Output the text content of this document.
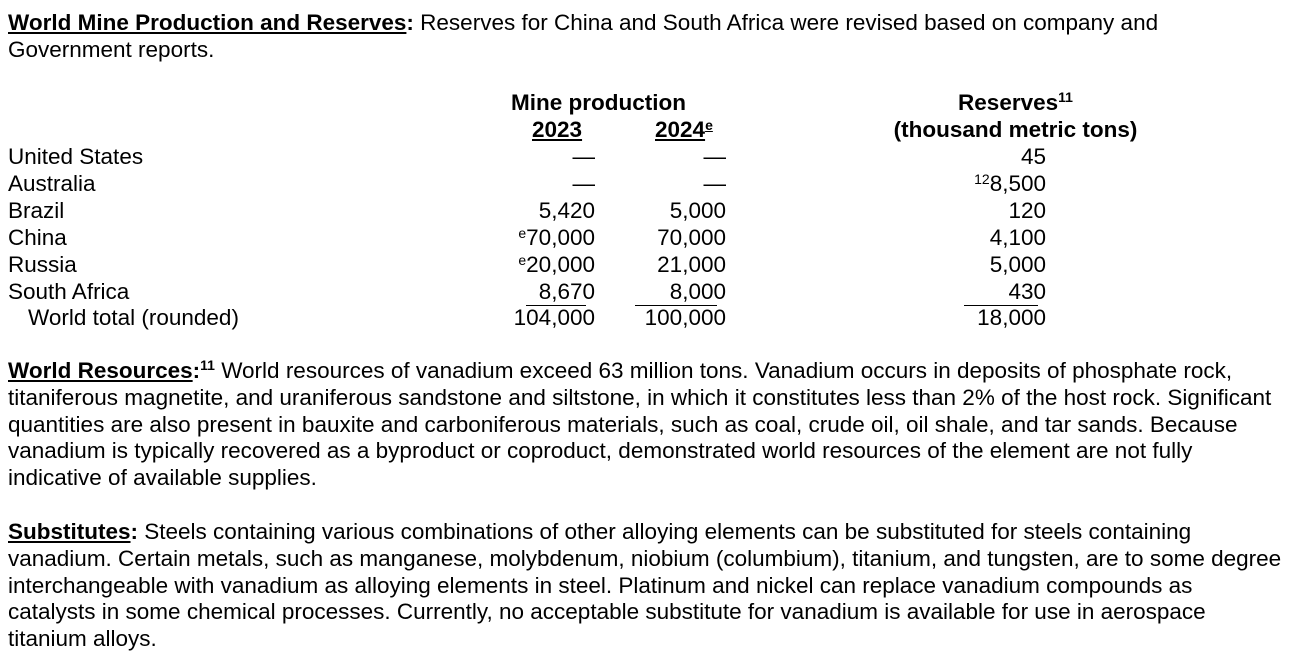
World Mine Production and Reserves: Reserves for China and South Africa were revised based on company and Government reports.

Mine production
2023	2024e
Reserves$^{11}$
(thousand metric tons)
United States	—	—	45
Australia	—	—	$^{12}$8,500
Brazil	5,420	5,000	120
China	$^e$70,000	70,000	4,100
Russia	$^e$20,000	21,000	5,000
South Africa	8,670	8,000	430
World total (rounded)	104,000	100,000	18,000

World Resources:$^{11}$ World resources of vanadium exceed 63 million tons. Vanadium occurs in deposits of phosphate rock, titaniferous magnetite, and uraniferous sandstone and siltstone, in which it constitutes less than 2% of the host rock. Significant quantities are also present in bauxite and carboniferous materials, such as coal, crude oil, oil shale, and tar sands. Because vanadium is typically recovered as a byproduct or coproduct, demonstrated world resources of the element are not fully indicative of available supplies.

Substitutes: Steels containing various combinations of other alloying elements can be substituted for steels containing vanadium. Certain metals, such as manganese, molybdenum, niobium (columbium), titanium, and tungsten, are to some degree interchangeable with vanadium as alloying elements in steel. Platinum and nickel can replace vanadium compounds as catalysts in some chemical processes. Currently, no acceptable substitute for vanadium is available for use in aerospace titanium alloys.
